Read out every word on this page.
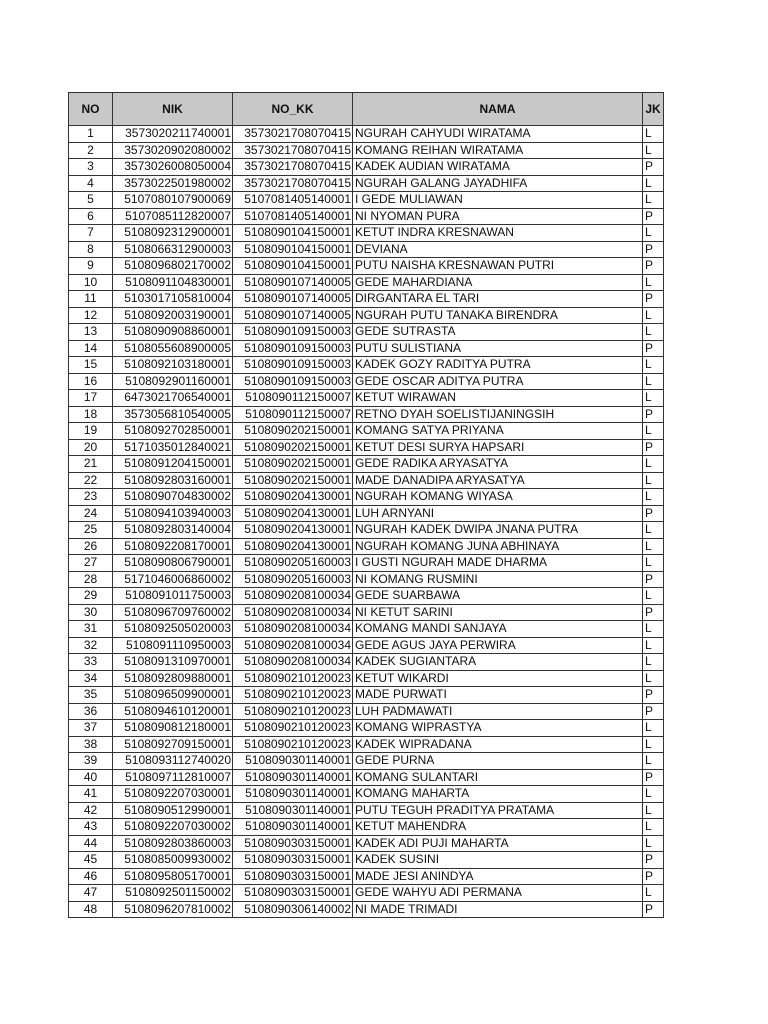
NO	NIK	NO_KK	NAMA	JK
1	3573020211740001	3573021708070415	NGURAH CAHYUDI WIRATAMA	L
2	3573020902080002	3573021708070415	KOMANG REIHAN WIRATAMA	L
3	3573026008050004	3573021708070415	KADEK AUDIAN WIRATAMA	P
4	3573022501980002	3573021708070415	NGURAH GALANG JAYADHIFA	L
5	5107080107900069	5107081405140001	I GEDE MULIAWAN	L
6	5107085112820007	5107081405140001	NI NYOMAN PURA	P
7	5108092312900001	5108090104150001	KETUT INDRA KRESNAWAN	L
8	5108066312900003	5108090104150001	DEVIANA	P
9	5108096802170002	5108090104150001	PUTU NAISHA KRESNAWAN PUTRI	P
10	5108091104830001	5108090107140005	GEDE MAHARDIANA	L
11	5103017105810004	5108090107140005	DIRGANTARA EL TARI	P
12	5108092003190001	5108090107140005	NGURAH PUTU TANAKA BIRENDRA	L
13	5108090908860001	5108090109150003	GEDE SUTRASTA	L
14	5108055608900005	5108090109150003	PUTU SULISTIANA	P
15	5108092103180001	5108090109150003	KADEK GOZY RADITYA PUTRA	L
16	5108092901160001	5108090109150003	GEDE OSCAR ADITYA PUTRA	L
17	6473021706540001	5108090112150007	KETUT WIRAWAN	L
18	3573056810540005	5108090112150007	RETNO DYAH SOELISTIJANINGSIH	P
19	5108092702850001	5108090202150001	KOMANG SATYA PRIYANA	L
20	5171035012840021	5108090202150001	KETUT DESI SURYA HAPSARI	P
21	5108091204150001	5108090202150001	GEDE RADIKA ARYASATYA	L
22	5108092803160001	5108090202150001	MADE DANADIPA ARYASATYA	L
23	5108090704830002	5108090204130001	NGURAH KOMANG WIYASA	L
24	5108094103940003	5108090204130001	LUH ARNYANI	P
25	5108092803140004	5108090204130001	NGURAH KADEK DWIPA JNANA PUTRA	L
26	5108092208170001	5108090204130001	NGURAH KOMANG JUNA ABHINAYA	L
27	5108090806790001	5108090205160003	I GUSTI NGURAH MADE DHARMA	L
28	5171046006860002	5108090205160003	NI KOMANG RUSMINI	P
29	5108091011750003	5108090208100034	GEDE SUARBAWA	L
30	5108096709760002	5108090208100034	NI KETUT SARINI	P
31	5108092505020003	5108090208100034	KOMANG MANDI SANJAYA	L
32	5108091110950003	5108090208100034	GEDE AGUS JAYA PERWIRA	L
33	5108091310970001	5108090208100034	KADEK SUGIANTARA	L
34	5108092809880001	5108090210120023	KETUT WIKARDI	L
35	5108096509900001	5108090210120023	MADE PURWATI	P
36	5108094610120001	5108090210120023	LUH PADMAWATI	P
37	5108090812180001	5108090210120023	KOMANG WIPRASTYA	L
38	5108092709150001	5108090210120023	KADEK WIPRADANA	L
39	5108093112740020	5108090301140001	GEDE PURNA	L
40	5108097112810007	5108090301140001	KOMANG SULANTARI	P
41	5108092207030001	5108090301140001	KOMANG MAHARTA	L
42	5108090512990001	5108090301140001	PUTU TEGUH PRADITYA PRATAMA	L
43	5108092207030002	5108090301140001	KETUT MAHENDRA	L
44	5108092803860003	5108090303150001	KADEK ADI PUJI MAHARTA	L
45	5108085009930002	5108090303150001	KADEK SUSINI	P
46	5108095805170001	5108090303150001	MADE JESI ANINDYA	P
47	5108092501150002	5108090303150001	GEDE WAHYU ADI PERMANA	L
48	5108096207810002	5108090306140002	NI MADE TRIMADI	P
